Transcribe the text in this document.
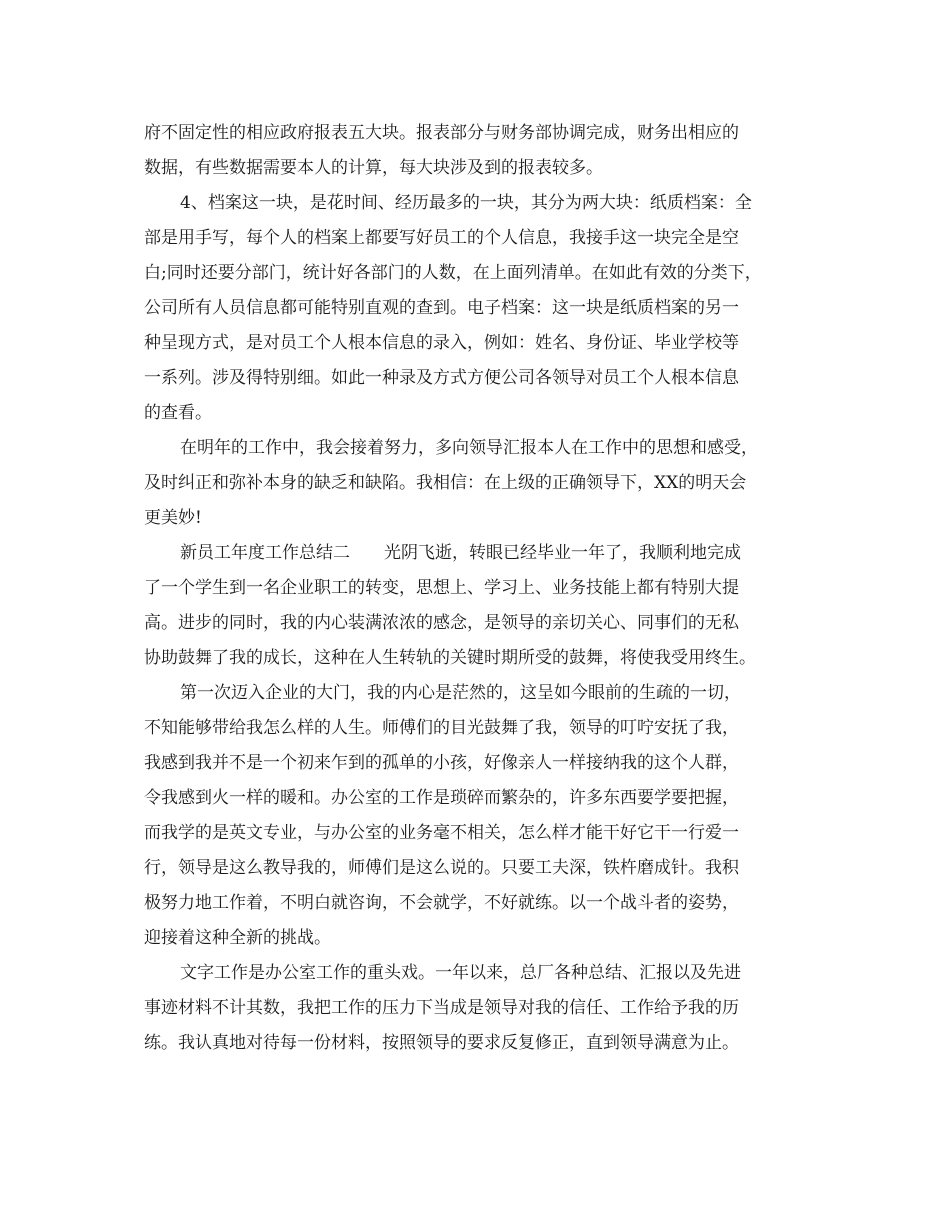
府不固定性的相应政府报表五大块。报表部分与财务部协调完成，财务出相应的
数据，有些数据需要本人的计算，每大块涉及到的报表较多。
4、档案这一块，是花时间、经历最多的一块，其分为两大块：纸质档案：全
部是用手写，每个人的档案上都要写好员工的个人信息，我接手这一块完全是空
白;同时还要分部门，统计好各部门的人数，在上面列清单。在如此有效的分类下，
公司所有人员信息都可能特别直观的查到。电子档案：这一块是纸质档案的另一
种呈现方式，是对员工个人根本信息的录入，例如：姓名、身份证、毕业学校等
一系列。涉及得特别细。如此一种录及方式方便公司各领导对员工个人根本信息
的查看。
在明年的工作中，我会接着努力，多向领导汇报本人在工作中的思想和感受，
及时纠正和弥补本身的缺乏和缺陷。我相信：在上级的正确领导下，XX的明天会
更美妙!
新员工年度工作总结二　　光阴飞逝，转眼已经毕业一年了，我顺利地完成
了一个学生到一名企业职工的转变，思想上、学习上、业务技能上都有特别大提
高。进步的同时，我的内心装满浓浓的感念，是领导的亲切关心、同事们的无私
协助鼓舞了我的成长，这种在人生转轨的关键时期所受的鼓舞，将使我受用终生。
第一次迈入企业的大门，我的内心是茫然的，这呈如今眼前的生疏的一切，
不知能够带给我怎么样的人生。师傅们的目光鼓舞了我，领导的叮咛安抚了我，
我感到我并不是一个初来乍到的孤单的小孩，好像亲人一样接纳我的这个人群，
令我感到火一样的暖和。办公室的工作是琐碎而繁杂的，许多东西要学要把握，
而我学的是英文专业，与办公室的业务毫不相关，怎么样才能干好它干一行爱一
行，领导是这么教导我的，师傅们是这么说的。只要工夫深，铁杵磨成针。我积
极努力地工作着，不明白就咨询，不会就学，不好就练。以一个战斗者的姿势，
迎接着这种全新的挑战。
文字工作是办公室工作的重头戏。一年以来，总厂各种总结、汇报以及先进
事迹材料不计其数，我把工作的压力下当成是领导对我的信任、工作给予我的历
练。我认真地对待每一份材料，按照领导的要求反复修正，直到领导满意为止。
